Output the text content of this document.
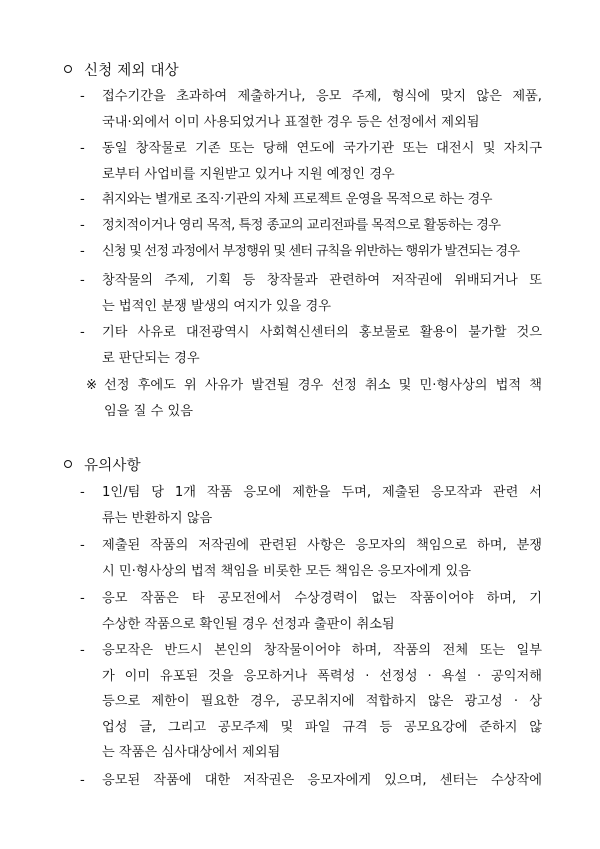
신청 제외 대상
- 접수기간을 초과하여 제출하거나, 응모 주제, 형식에 맞지 않은 제품,
국내·외에서 이미 사용되었거나 표절한 경우 등은 선정에서 제외됨
- 동일 창작물로 기존 또는 당해 연도에 국가기관 또는 대전시 및 자치구
로부터 사업비를 지원받고 있거나 지원 예정인 경우
- 취지와는 별개로 조직·기관의 자체 프로젝트 운영을 목적으로 하는 경우
- 정치적이거나 영리 목적, 특정 종교의 교리전파를 목적으로 활동하는 경우
- 신청 및 선정 과정에서 부정행위 및 센터 규칙을 위반하는 행위가 발견되는 경우
- 창작물의 주제, 기획 등 창작물과 관련하여 저작권에 위배되거나 또
는 법적인 분쟁 발생의 여지가 있을 경우
- 기타 사유로 대전광역시 사회혁신센터의 홍보물로 활용이 불가할 것으
로 판단되는 경우
※ 선정 후에도 위 사유가 발견될 경우 선정 취소 및 민·형사상의 법적 책
임을 질 수 있음
유의사항
- 1인/팀 당 1개 작품 응모에 제한을 두며, 제출된 응모작과 관련 서
류는 반환하지 않음
- 제출된 작품의 저작권에 관련된 사항은 응모자의 책임으로 하며, 분쟁
시 민·형사상의 법적 책임을 비롯한 모든 책임은 응모자에게 있음
- 응모 작품은 타 공모전에서 수상경력이 없는 작품이어야 하며, 기
수상한 작품으로 확인될 경우 선정과 출판이 취소됨
- 응모작은 반드시 본인의 창작물이어야 하며, 작품의 전체 또는 일부
가 이미 유포된 것을 응모하거나 폭력성 · 선정성 · 욕설 · 공익저해
등으로 제한이 필요한 경우, 공모취지에 적합하지 않은 광고성 · 상
업성 글, 그리고 공모주제 및 파일 규격 등 공모요강에 준하지 않
는 작품은 심사대상에서 제외됨
- 응모된 작품에 대한 저작권은 응모자에게 있으며, 센터는 수상작에
